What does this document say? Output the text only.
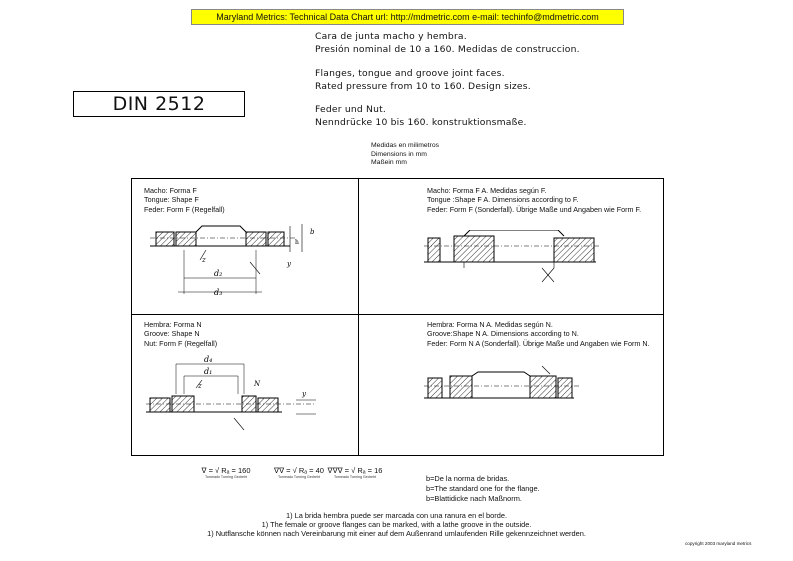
Maryland Metrics: Technical Data Chart url: http://mdmetric.com e-mail: techinfo@mdmetric.com
Cara de junta macho y hembra.
Presión nominal de 10 a 160. Medidas de construccion.
Flanges, tongue and groove joint faces.
Rated pressure from 10 to 160. Design sizes.
Feder und Nut.
Nenndrücke 10 bis 160. konstruktionsmaße.
DIN 2512
Medidas en milimetros
Dimensions in mm
Maßein mm
Macho: Forma F
Tongue: Shape F
Feder: Form F (Regelfall)
Macho: Forma F A. Medidas según F.
Tongue :Shape F A. Dimensions according to F.
Feder: Form F (Sonderfall). Übrige Maße und Angaben wie Form F.
Hembra: Forma N
Groove: Shape N
Nut: Form F (Regelfall)
Hembra: Forma N A. Medidas según N.
Groove:Shape N A. Dimensions according to N.
Feder: Form N A (Sonderfall). Übrige Maße und Angaben wie Form N.
d₂
d₃
z
b
h
y
d₄
d₁
z	N
y
∇ = √ Rₐ = 160
Torneado Turning Gedreht
∇∇ = √ Rₐ = 40
Torneado Turning Gedreht
∇∇∇ = √ Rₐ = 16
Torneado Turning Gedreht	b=De la norma de bridas.
b=The standard one for the flange.
b=Blattidicke nach Maßnorm.
1) La brida hembra puede ser marcada con una ranura en el borde.
1) The female or groove flanges can be marked, with a lathe groove in the outside.
1) Nutflansche können nach Vereinbarung mit einer auf dem Außenrand umlaufenden Rille gekennzeichnet werden.
copyright 2003 maryland metrics
